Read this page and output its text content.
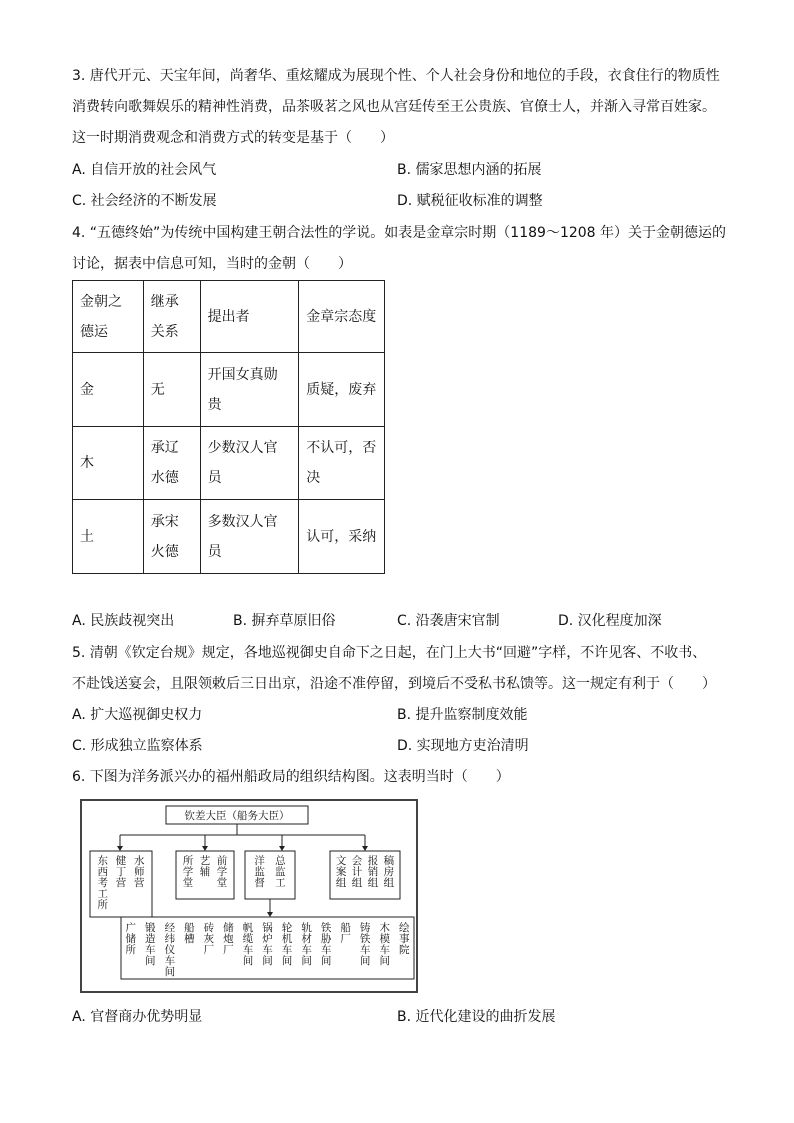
3. 唐代开元、天宝年间，尚奢华、重炫耀成为展现个性、个人社会身份和地位的手段，衣食住行的物质性
消费转向歌舞娱乐的精神性消费，品茶吸茗之风也从宫廷传至王公贵族、官僚士人，并渐入寻常百姓家。
这一时期消费观念和消费方式的转变是基于（　　）
A. 自信开放的社会风气	B. 儒家思想内涵的拓展
C. 社会经济的不断发展	D. 赋税征收标准的调整
4. “五德终始”为传统中国构建王朝合法性的学说。如表是金章宗时期（1189～1208 年）关于金朝德运的
讨论，据表中信息可知，当时的金朝（　　）
金朝之德运	继承关系	提出者	金章宗态度
金	无	开国女真勋贵	质疑，废弃
木	承辽水德	少数汉人官员	不认可，否决
土	承宋火德	多数汉人官员	认可，采纳
A. 民族歧视突出	B. 摒弃草原旧俗	C. 沿袭唐宋官制	D. 汉化程度加深
5. 清朝《钦定台规》规定，各地巡视御史自命下之日起，在门上大书“回避”字样，不许见客、不收书、
不赴饯送宴会，且限领敕后三日出京，沿途不准停留，到境后不受私书私馈等。这一规定有利于（　　）
A. 扩大巡视御史权力	B. 提升监察制度效能
C. 形成独立监察体系	D. 实现地方吏治清明
6. 下图为洋务派兴办的福州船政局的组织结构图。这表明当时（　　）
钦差大臣（船务大臣）
东西考工所
健丁营
水师营
所学堂
艺辅
前学堂
洋监督
总监工
文案组
会计组
报销组
稿房组
广储所
锻造车间
经纬仪车间
船槽
砖灰厂
储炮厂
帆缆车间
锅炉车间
轮机车间
轨材车间
铁胁车间
船厂
铸铁车间
木模车间
绘事院
A. 官督商办优势明显	B. 近代化建设的曲折发展
